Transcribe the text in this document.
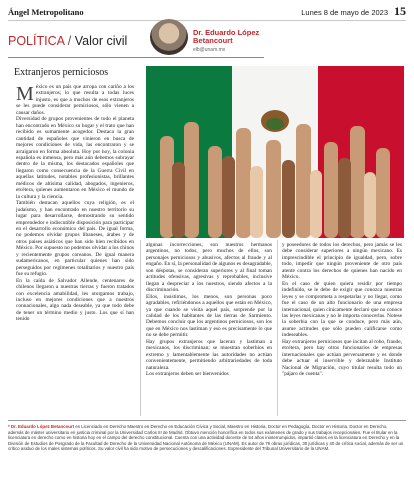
Ángel Metropolitano	Lunes 8 de mayo de 2023 15
POLÍTICA / Valor civil
Dr. Eduardo López Betancourt
elb@unam.mx
Extranjeros perniciosos

México es un país que arropa con cariño a los extranjeros; lo que resulta a todas luces injusto, es que a muchos de esos extranjeros se les puede considerar perniciosos, sólo vienen a causar daños.

Diversidad de grupos provenientes de todo el planeta han encontrado en México su hogar y el trato que han recibido es sumamente acogedor. Destaca la gran cantidad de españoles que vinieron en busca de mejores condiciones de vida, las encontraron y se arraigaron en forma absoluta. Hoy por hoy, la colonia española es inmensa, pero más aún debemos subrayar dentro de la misma, los destacados españoles que llegaron como consecuencia de la Guerra Civil en aquellas latitudes, notables profesionistas, brillantes médicos de altísima calidad, abogados, ingenieros, etcétera, quienes aumentaron en México el mundo de la cultura y la ciencia.

También destacan aquellos cuya religión, es el judaísmo, y han encontrado en nuestro territorio su lugar para desarrollarse, demostrando su sentido emprendedor e indiscutible disposición para participar en el desarrollo económico del país. De igual forma, no podemos olvidar grupos libaneses, árabes y de otros países asiáticos que han sido bien recibidos en México. Por supuesto no podemos olvidar a los chinos y recientemente grupos coreanos. De igual manera sudamericanos, en particular quienes han sido perseguidos por regímenes totalitarios y nuestro país fue su refugio.

En la caída de Salvador Allende, centenares de chilenos llegaron a nuestras tierras y fueron tratados con excelencia amabilidad, les otorgamos trabajo, incluso en mejores condiciones que a nuestros connacionales, algo nada deseable, ya que todo debe de tener un término medio y justo. Los que sí han tenido

algunas incorrecciones, son nuestros hermanos argentinos, no todos, pero muchos de ellos, son personajes perniciosos y abusivos, afectos al fraude y al engaño. En sí, la personalidad de algunos es desagradable, son déspotas, se consideran superiores y al final toman actitudes ofensivas, agresivas y reprobables, inclusive llegan a despreciar a los nuestros, siendo afectos a la discriminación.

Ellos, insistimos, los menos, son personas poco agradables, refiriéndonos a aquellos que están en México, ya que cuando se visita aquel país, sorprende por la calidad de los habitantes de las tierras de Sarmiento. Debemos concluir que los argentinos perniciosos, son los que en México nos lastiman y eso es precisamente lo que no se debe permitir.

Hay grupos extranjeros que laceran y lastiman a mexicanos, los discriminan; se muestran soberbios en extremo y lamentablemente las autoridades no actúan convenientemente, permitiendo arbitrariedades de toda naturaleza.

Los extranjeros deben ser bienvenidos

y poseedores de todos los derechos, pero jamás se les debe considerar superiores a ningún mexicano. Es imprescindible el principio de igualdad, pero, sobre todo, impedir que ningún proveniente de otro país atente contra los derechos de quienes han nacido en México.

En el caso de quien quiera residir por tiempo indefinido, se le debe de exigir que conozca nuestras leyes y se comprometa a respetarlas y no llegar, como fue el caso de un alto funcionario de una empresa internacional, quien cínicamente declaró que no conoce las leyes mexicanas y no le importa conocerlas. Notese la soberbia con la que se conduce, pero más aún, asume actitudes que sólo pueden calificarse como indeseables.

Hay extranjeros perniciosos que incitan al robo, fraude, etcétera, pero hay otros funcionarios de empresas internacionales que actúan perversamente y es donde debe actuar el inservible y deleznable Instituto Nacional de Migración, cuyo titular resulta todo un "pájaro de cuenta".

* Dr. Eduardo López Betancourt es Licenciado en Derecho Maestro en Derecho en Educación Cívica y Social, Maestro en Historia, Doctor en Pedagogía, Doctor en Historia, Doctor en Derecho, además de máster universitario en justicia criminal por la Universidad Carlos III de Madrid. Obtuvo mención honorífica en todos sus exámenes de grado y sus trabajos recepcionales. Fue el titular en la licenciatura en derecho como en historia hoy en el campo del derecho constitucional. Cuenta con una actividad docente de 54 años ininterrumpidos, impartió clases en la licenciatura en Derecho y en la División de Estudios de Posgrado de la Facultad de Derecho de la Universidad Nacional Autónoma de México (UNAM). Es autor de 79 obras jurídicas, 30 jurídicas y 40 de crítica social, además de ser un crítico asiduo de los males sistemas políticos. Su valor civil ha sido motivo de persecuciones y descalificaciones. Expresidente del Tribunal Universitario de la UNAM.
